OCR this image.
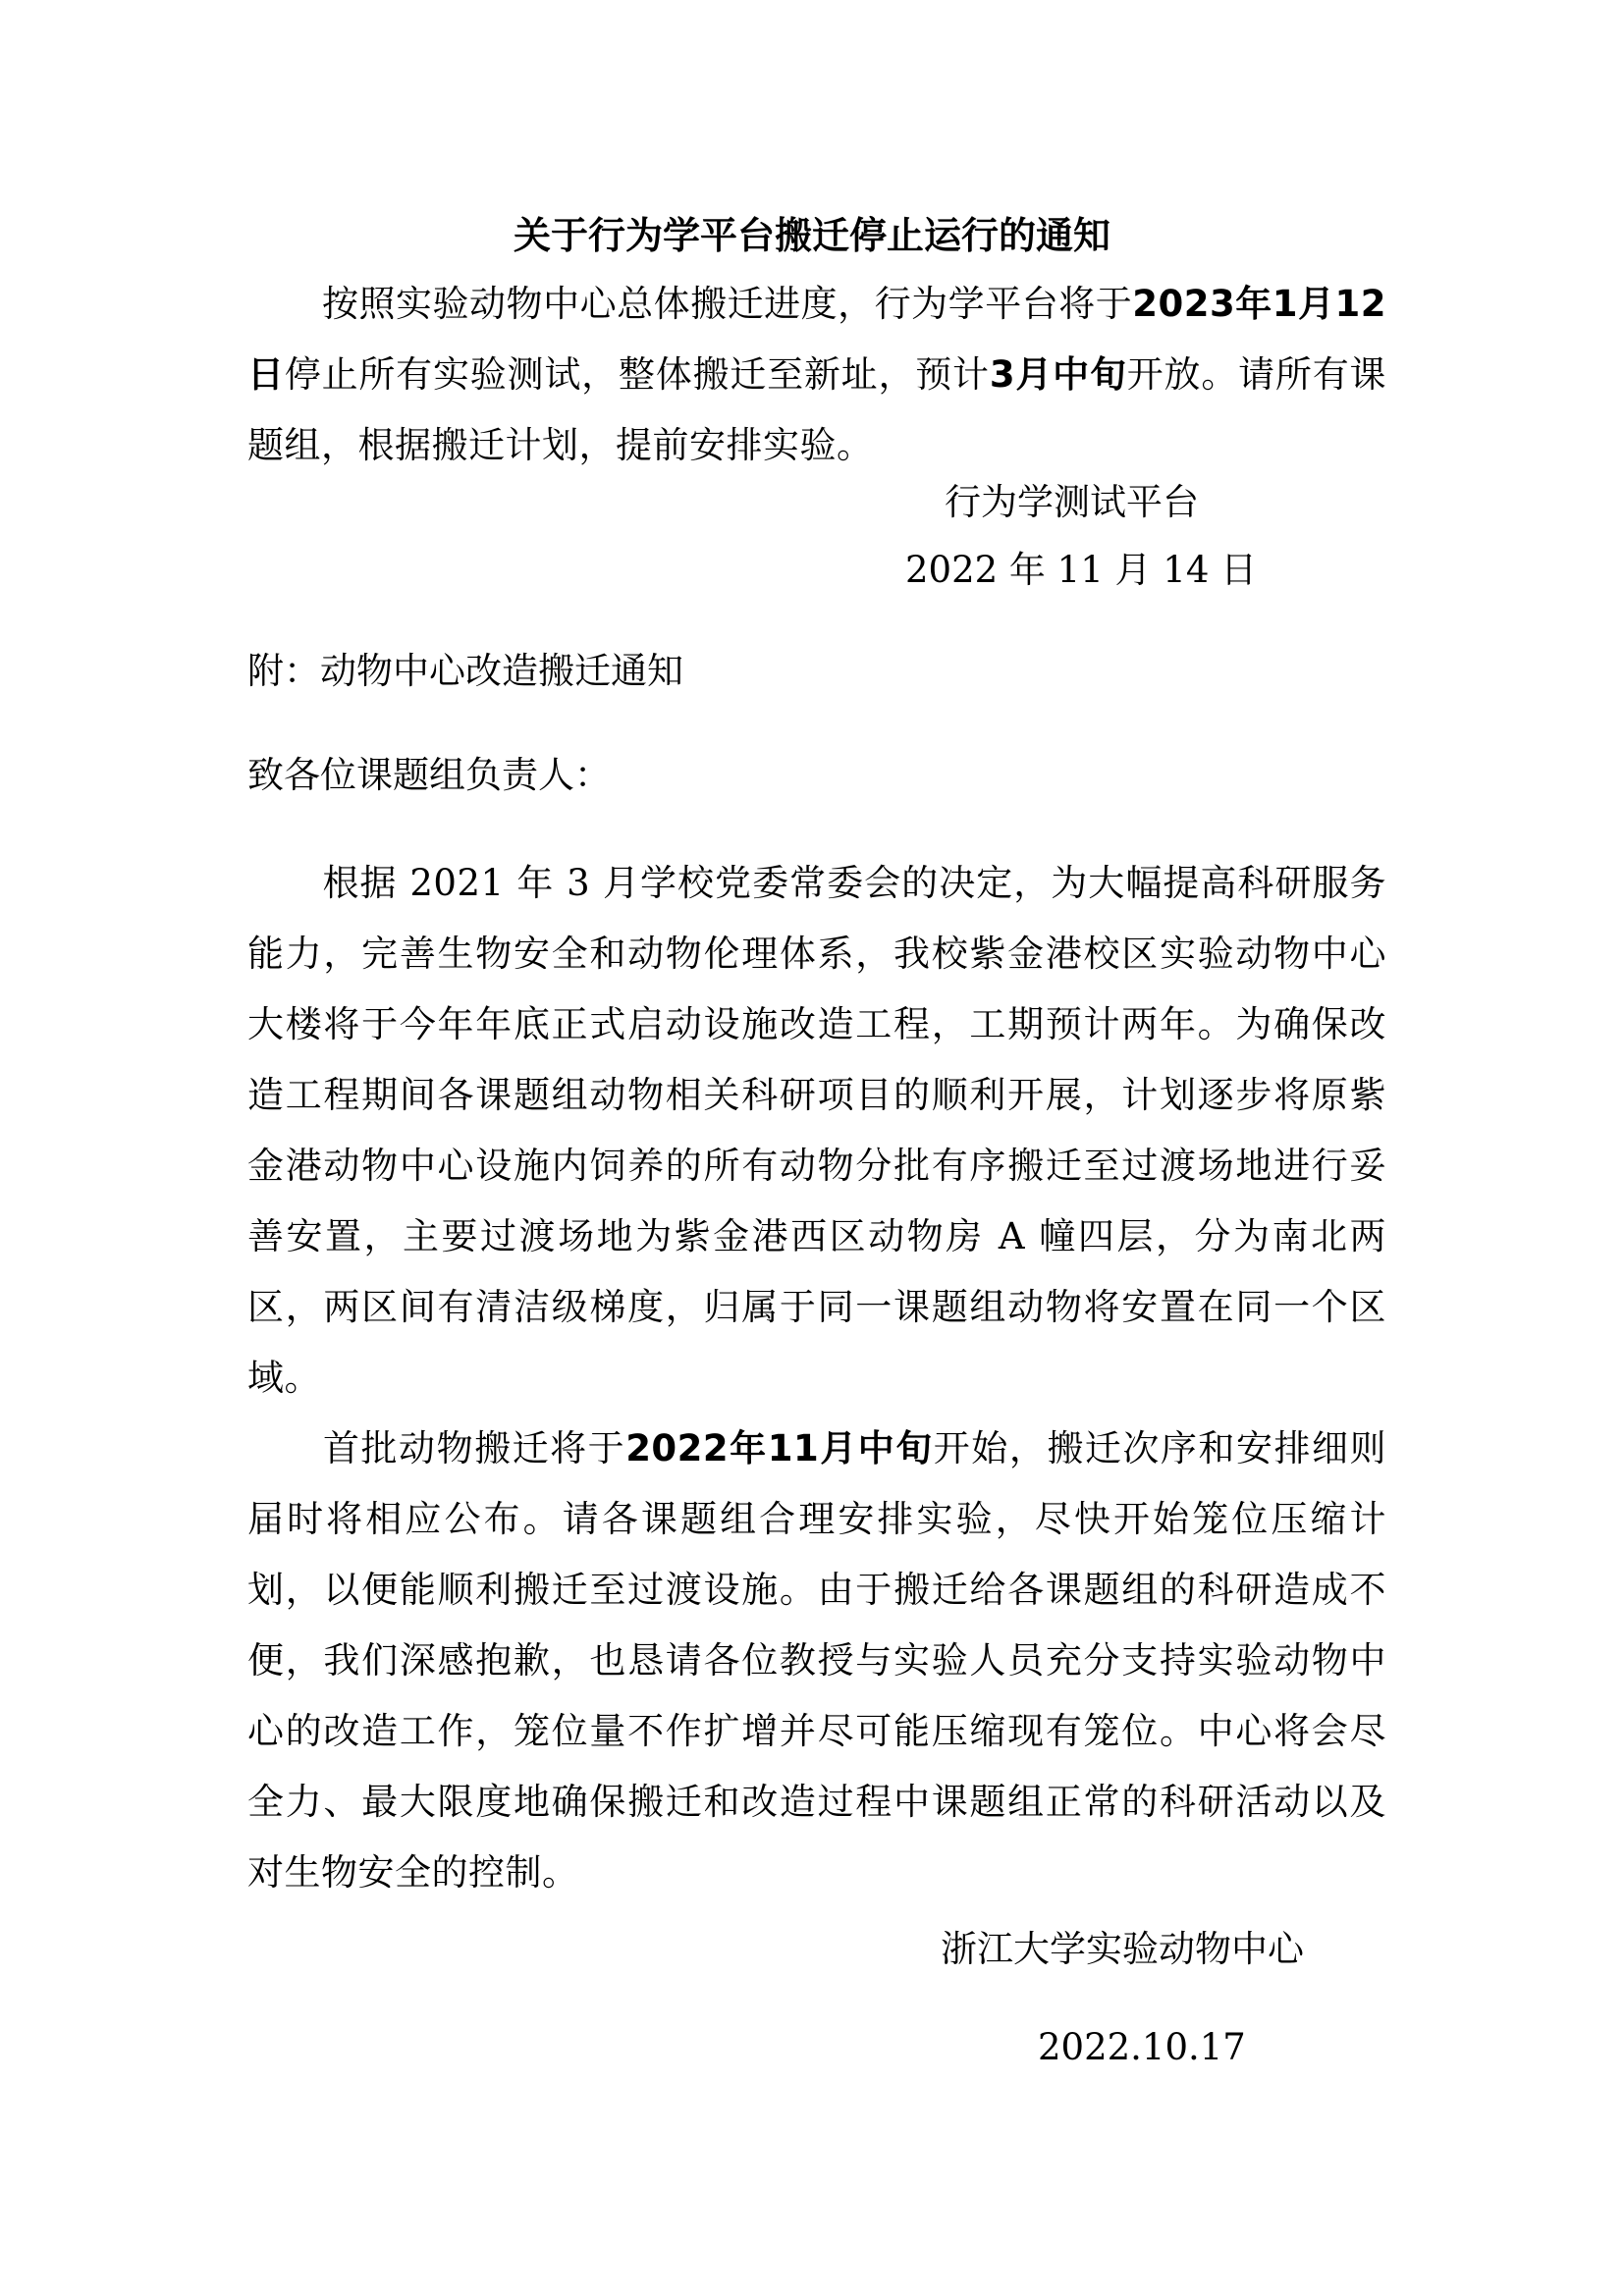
关于行为学平台搬迁停止运行的通知

按照实验动物中心总体搬迁进度，行为学平台将于2023年1月12日停止所有实验测试，整体搬迁至新址，预计3月中旬开放。请所有课题组，根据搬迁计划，提前安排实验。

行为学测试平台
2022 年 11 月 14 日
附：动物中心改造搬迁通知
致各位课题组负责人：

根据 2021 年 3 月学校党委常委会的决定，为大幅提高科研服务能力，完善生物安全和动物伦理体系，我校紫金港校区实验动物中心大楼将于今年年底正式启动设施改造工程，工期预计两年。为确保改造工程期间各课题组动物相关科研项目的顺利开展，计划逐步将原紫金港动物中心设施内饲养的所有动物分批有序搬迁至过渡场地进行妥善安置，主要过渡场地为紫金港西区动物房 A 幢四层，分为南北两区，两区间有清洁级梯度，归属于同一课题组动物将安置在同一个区域。

首批动物搬迁将于2022年11月中旬开始，搬迁次序和安排细则届时将相应公布。请各课题组合理安排实验，尽快开始笼位压缩计划，以便能顺利搬迁至过渡设施。由于搬迁给各课题组的科研造成不便，我们深感抱歉，也恳请各位教授与实验人员充分支持实验动物中心的改造工作，笼位量不作扩增并尽可能压缩现有笼位。中心将会尽全力、最大限度地确保搬迁和改造过程中课题组正常的科研活动以及对生物安全的控制。

浙江大学实验动物中心
2022.10.17
